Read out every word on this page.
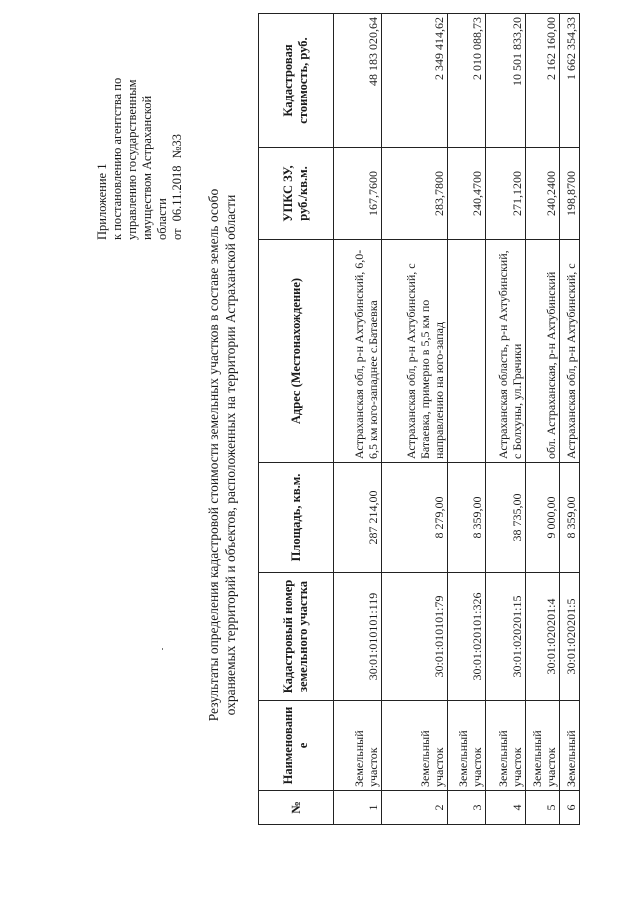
Приложение 1 к постановлению агентства по управлению государственным имуществом Астраханской области от 06.11.2018 №33
Результаты определения кадастровой стоимости земельных участков в составе земель особо охраняемых территорий и объектов, расположенных на территории Астраханской области
№	Наименовани е	Кадастровый номер земельного участка	Площадь, кв.м.	Адрес (Местонахождение)	УПКС ЗУ, руб./кв.м.	Кадастровая стоимость, руб.
1	Земельный участок	30:01:010101:119	287 214,00	Астраханская обл, р-н Ахтубинский, 6,0-6,5 км юго-западнее с.Батаевка	167,7600	48 183 020,64
2	Земельный участок	30:01:010101:79	8 279,00	Астраханская обл, р-н Ахтубинский, с Батаевка, примерно в 5,5 км по направлению на юго-запад	283,7800	2 349 414,62
3	Земельный участок	30:01:020101:326	8 359,00		240,4700	2 010 088,73
4	Земельный участок	30:01:020201:15	38 735,00	Астраханская область, р-н Ахтубинский, с Болхуны, ул.Грачики	271,1200	10 501 833,20
5	Земельный участок	30:01:020201:4	9 000,00	обл. Астраханская, р-н Ахтубинский	240,2400	2 162 160,00
6	Земельный	30:01:020201:5	8 359,00	Астраханская обл, р-н Ахтубинский, с	198,8700	1 662 354,33
